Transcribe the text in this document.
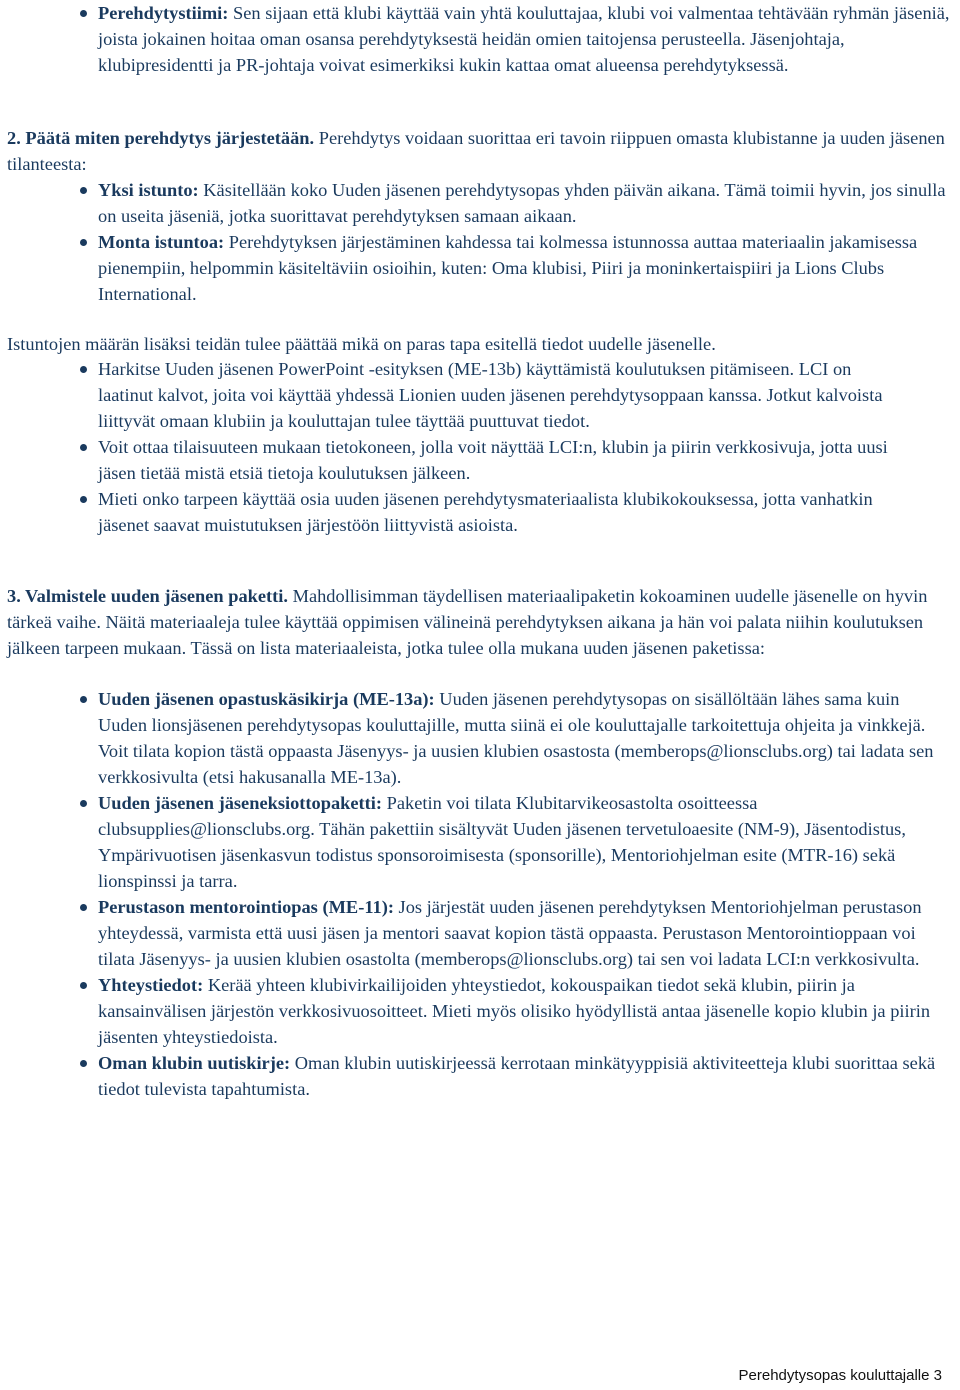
Perehdytystiimi: Sen sijaan että klubi käyttää vain yhtä kouluttajaa, klubi voi valmentaa tehtävään ryhmän jäseniä, joista jokainen hoitaa oman osansa perehdytyksestä heidän omien taitojensa perusteella. Jäsenjohtaja, klubipresidentti ja PR-johtaja voivat esimerkiksi kukin kattaa omat alueensa perehdytyksessä.

2. Päätä miten perehdytys järjestetään. Perehdytys voidaan suorittaa eri tavoin riippuen omasta klubistanne ja uuden jäsenen tilanteesta:

Yksi istunto: Käsitellään koko Uuden jäsenen perehdytysopas yhden päivän aikana. Tämä toimii hyvin, jos sinulla on useita jäseniä, jotka suorittavat perehdytyksen samaan aikaan.
Monta istuntoa: Perehdytyksen järjestäminen kahdessa tai kolmessa istunnossa auttaa materiaalin jakamisessa pienempiin, helpommin käsiteltäviin osioihin, kuten: Oma klubisi, Piiri ja moninkertaispiiri ja Lions Clubs International.

Istuntojen määrän lisäksi teidän tulee päättää mikä on paras tapa esitellä tiedot uudelle jäsenelle.

Harkitse Uuden jäsenen PowerPoint -esityksen (ME-13b) käyttämistä koulutuksen pitämiseen. LCI on laatinut kalvot, joita voi käyttää yhdessä Lionien uuden jäsenen perehdytysoppaan kanssa. Jotkut kalvoista liittyvät omaan klubiin ja kouluttajan tulee täyttää puuttuvat tiedot.
Voit ottaa tilaisuuteen mukaan tietokoneen, jolla voit näyttää LCI:n, klubin ja piirin verkkosivuja, jotta uusi jäsen tietää mistä etsiä tietoja koulutuksen jälkeen.
Mieti onko tarpeen käyttää osia uuden jäsenen perehdytysmateriaalista klubikokouksessa, jotta vanhatkin jäsenet saavat muistutuksen järjestöön liittyvistä asioista.

3. Valmistele uuden jäsenen paketti. Mahdollisimman täydellisen materiaalipaketin kokoaminen uudelle jäsenelle on hyvin tärkeä vaihe. Näitä materiaaleja tulee käyttää oppimisen välineinä perehdytyksen aikana ja hän voi palata niihin koulutuksen jälkeen tarpeen mukaan. Tässä on lista materiaaleista, jotka tulee olla mukana uuden jäsenen paketissa:

Uuden jäsenen opastuskäsikirja (ME-13a): Uuden jäsenen perehdytysopas on sisällöltään lähes sama kuin Uuden lionsjäsenen perehdytysopas kouluttajille, mutta siinä ei ole kouluttajalle tarkoitettuja ohjeita ja vinkkejä. Voit tilata kopion tästä oppaasta Jäsenyys- ja uusien klubien osastosta (memberops@lionsclubs.org) tai ladata sen verkkosivulta (etsi hakusanalla ME-13a).
Uuden jäsenen jäseneksiottopaketti: Paketin voi tilata Klubitarvikeosastolta osoitteessa clubsupplies@lionsclubs.org. Tähän pakettiin sisältyvät Uuden jäsenen tervetuloaesite (NM-9), Jäsentodistus, Ympärivuotisen jäsenkasvun todistus sponsoroimisesta (sponsorille), Mentoriohjelman esite (MTR-16) sekä lionspinssi ja tarra.
Perustason mentorointiopas (ME-11): Jos järjestät uuden jäsenen perehdytyksen Mentoriohjelman perustason yhteydessä, varmista että uusi jäsen ja mentori saavat kopion tästä oppaasta. Perustason Mentorointioppaan voi tilata Jäsenyys- ja uusien klubien osastolta (memberops@lionsclubs.org) tai sen voi ladata LCI:n verkkosivulta.
Yhteystiedot: Kerää yhteen klubivirkailijoiden yhteystiedot, kokouspaikan tiedot sekä klubin, piirin ja kansainvälisen järjestön verkkosivuosoitteet. Mieti myös olisiko hyödyllistä antaa jäsenelle kopio klubin ja piirin jäsenten yhteystiedoista.
Oman klubin uutiskirje: Oman klubin uutiskirjeessä kerrotaan minkätyyppisiä aktiviteetteja klubi suorittaa sekä tiedot tulevista tapahtumista.
Perehdytysopas kouluttajalle 3
